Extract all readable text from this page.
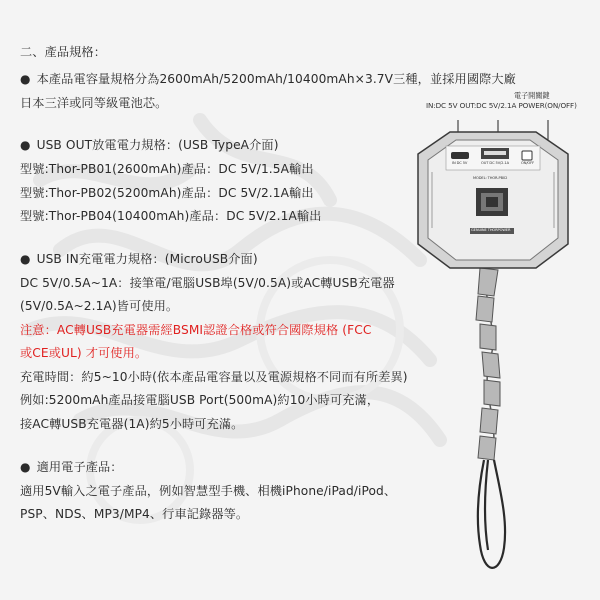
二、產品規格：
● 本產品電容量規格分為2600mAh/5200mAh/10400mAh×3.7V三種，並採用國際大廠
日本三洋或同等級電池芯。
● USB OUT放電電力規格：(USB TypeA介面)
型號:Thor-PB01(2600mAh)產品：DC 5V/1.5A輸出
型號:Thor-PB02(5200mAh)產品：DC 5V/2.1A輸出
型號:Thor-PB04(10400mAh)產品：DC 5V/2.1A輸出
● USB IN充電電力規格：(MicroUSB介面)
DC 5V/0.5A~1A：接筆電/電腦USB埠(5V/0.5A)或AC轉USB充電器
(5V/0.5A~2.1A)皆可使用。
注意：AC轉USB充電器需經BSMI認證合格或符合國際規格 (FCC
或CE或UL) 才可使用。
充電時間：約5~10小時(依本產品電容量以及電源規格不同而有所差異)
例如:5200mAh產品接電腦USB Port(500mA)約10小時可充滿，
接AC轉USB充電器(1A)約5小時可充滿。
● 適用電子產品：
適用5V輸入之電子產品，例如智慧型手機、相機iPhone/iPad/iPod、
PSP、NDS、MP3/MP4、行車記錄器等。
電子開關鍵
IN:DC 5V OUT:DC 5V/2.1A POWER(ON/OFF)
IN DC 5V	OUT DC 5V/2.1A	ON/OFF
MODEL: THOR-PB02
GENUINE THORPOWER
